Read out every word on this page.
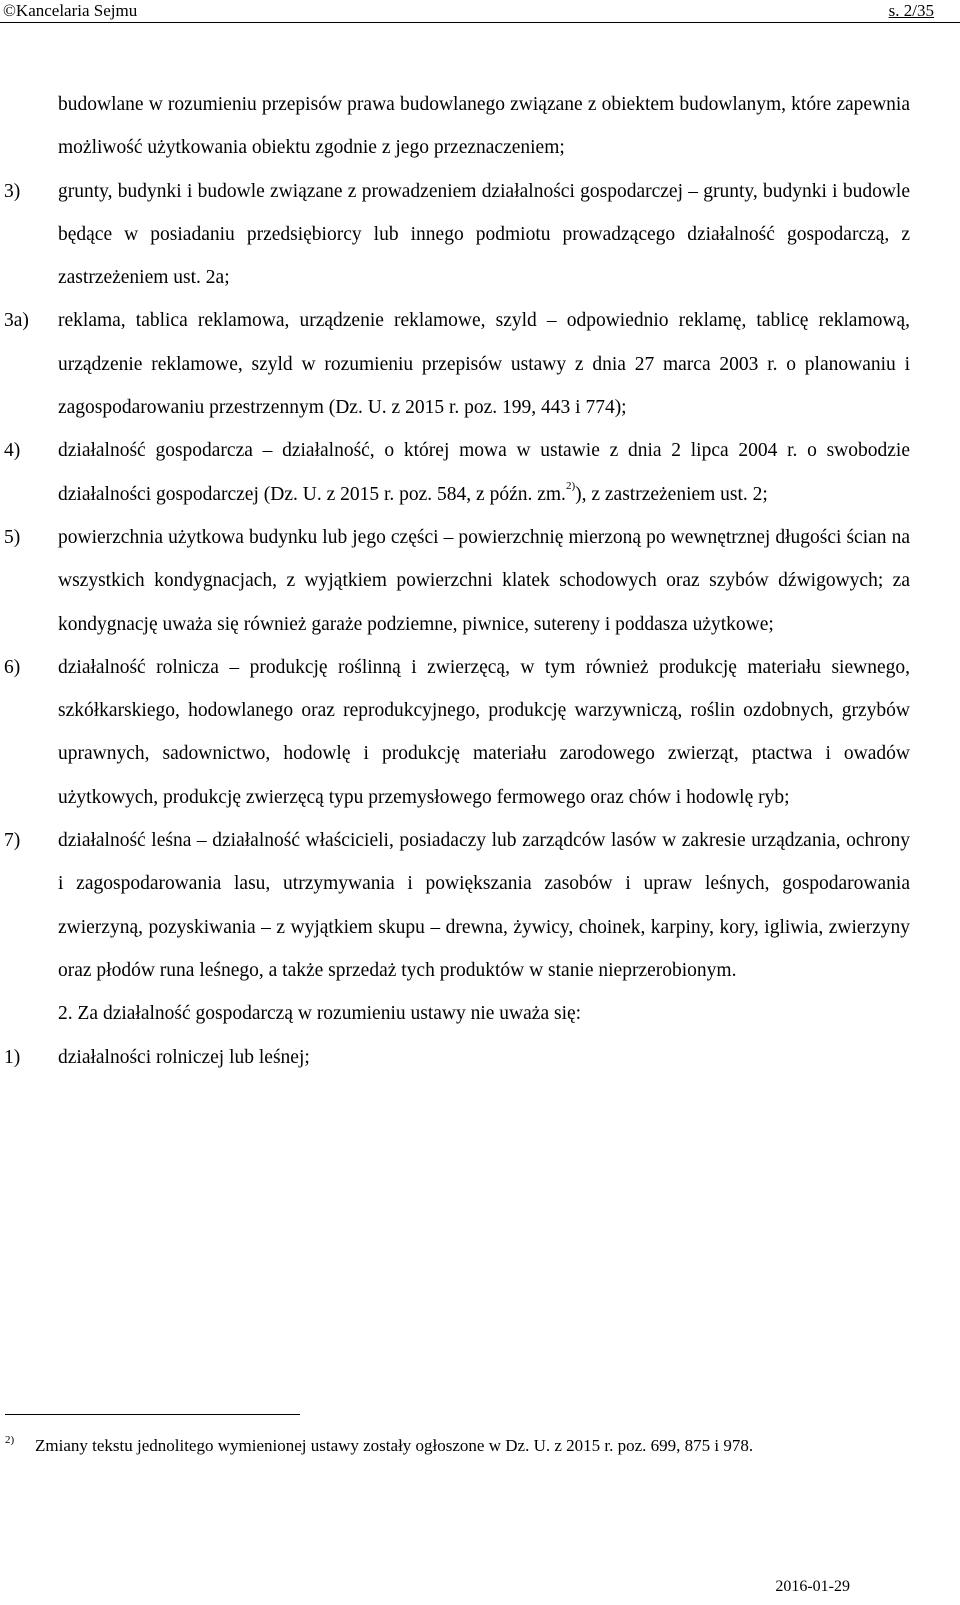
©Kancelaria Sejmu	s. 2/35

budowlane w rozumieniu przepisów prawa budowlanego związane z obiektem budowlanym, które zapewnia możliwość użytkowania obiektu zgodnie z jego przeznaczeniem;

3) grunty, budynki i budowle związane z prowadzeniem działalności gospodarczej – grunty, budynki i budowle będące w posiadaniu przedsiębiorcy lub innego podmiotu prowadzącego działalność gospodarczą, z zastrzeżeniem ust. 2a;

3a) reklama, tablica reklamowa, urządzenie reklamowe, szyld – odpowiednio reklamę, tablicę reklamową, urządzenie reklamowe, szyld w rozumieniu przepisów ustawy z dnia 27 marca 2003 r. o planowaniu i zagospodarowaniu przestrzennym (Dz. U. z 2015 r. poz. 199, 443 i 774);

4) działalność gospodarcza – działalność, o której mowa w ustawie z dnia 2 lipca 2004 r. o swobodzie działalności gospodarczej (Dz. U. z 2015 r. poz. 584, z późn. zm.$^{2)}$), z zastrzeżeniem ust. 2;

5) powierzchnia użytkowa budynku lub jego części – powierzchnię mierzoną po wewnętrznej długości ścian na wszystkich kondygnacjach, z wyjątkiem powierzchni klatek schodowych oraz szybów dźwigowych; za kondygnację uważa się również garaże podziemne, piwnice, sutereny i poddasza użytkowe;

6) działalność rolnicza – produkcję roślinną i zwierzęcą, w tym również produkcję materiału siewnego, szkółkarskiego, hodowlanego oraz reprodukcyjnego, produkcję warzywniczą, roślin ozdobnych, grzybów uprawnych, sadownictwo, hodowlę i produkcję materiału zarodowego zwierząt, ptactwa i owadów użytkowych, produkcję zwierzęcą typu przemysłowego fermowego oraz chów i hodowlę ryb;

7) działalność leśna – działalność właścicieli, posiadaczy lub zarządców lasów w zakresie urządzania, ochrony i zagospodarowania lasu, utrzymywania i powiększania zasobów i upraw leśnych, gospodarowania zwierzyną, pozyskiwania – z wyjątkiem skupu – drewna, żywicy, choinek, karpiny, kory, igliwia, zwierzyny oraz płodów runa leśnego, a także sprzedaż tych produktów w stanie nieprzerobionym.

2. Za działalność gospodarczą w rozumieniu ustawy nie uważa się:

1) działalności rolniczej lub leśnej;

2) Zmiany tekstu jednolitego wymienionej ustawy zostały ogłoszone w Dz. U. z 2015 r. poz. 699, 875 i 978.
2016-01-29
